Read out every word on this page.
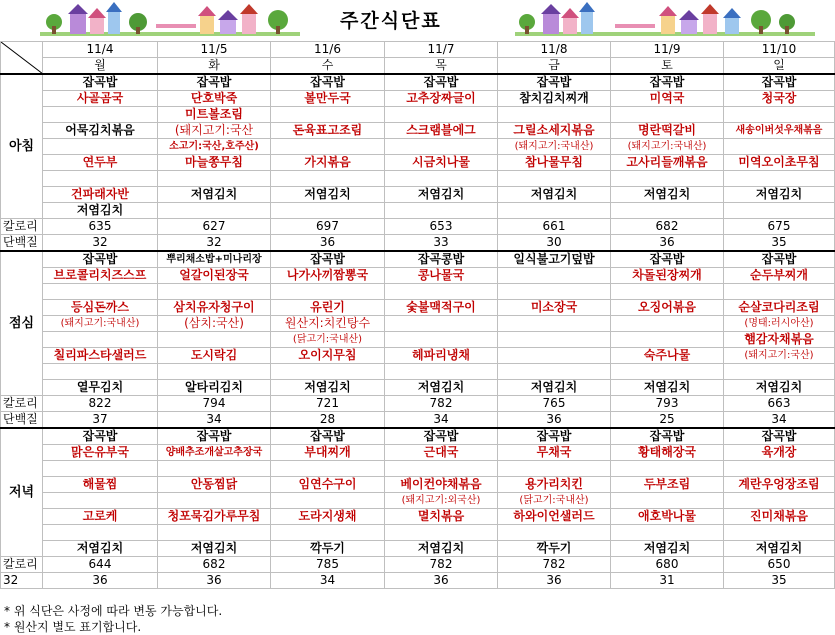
주간식단표
	11/4	11/5	11/6	11/7	11/8	11/9	11/10
	월	화	수	목	금	토	일
아침	잡곡밥	잡곡밥	잡곡밥	잡곡밥	잡곡밥	잡곡밥	잡곡밥
	사골곰국	단호박죽	볼만두국	고추장짜글이	참치김치찌개	미역국	청국장
		미트볼조림					
	어묵김치볶음	(돼지고기:국산	돈육표고조림	스크램블에그	그릴소세지볶음	명란떡갈비	새송이버섯우채볶음
		소고기:국산,호주산)			(돼지고기:국내산)	(돼지고기:국내산)	
	연두부	마늘쫑무침	가지볶음	시금치나물	참나물무침	고사리들깨볶음	미역오이초무침

	건파래자반	저염김치	저염김치	저염김치	저염김치	저염김치	저염김치
	저염김치						
칼로리	635	627	697	653	661	682	675
단백질	32	32	36	33	30	36	35
점심	잡곡밥	뿌리채소밥+미나리장	잡곡밥	잡곡콩밥	일식불고기덮밥	잡곡밥	잡곡밥
	브로콜리치즈스프	얼갈이된장국	나가사끼짬뽕국	콩나물국		차돌된장찌개	순두부찌개

	등심돈까스	삼치유자청구이	유린기	숯불맥적구이	미소장국	오징어볶음	순살코다리조림
	(돼지고기:국내산)	(삼치:국산)	원산지:치킨탕수				(명태:러시아산)
			(닭고기:국내산)				햄감자채볶음
	칠리파스타샐러드	도시락김	오이지무침	헤파리냉채		숙주나물	(돼지고기:국산)

	열무김치	알타리김치	저염김치	저염김치	저염김치	저염김치	저염김치
칼로리	822	794	721	782	765	793	663
단백질	37	34	28	34	36	25	34
저녁	잡곡밥	잡곡밥	잡곡밥	잡곡밥	잡곡밥	잡곡밥	잡곡밥
	맑은유부국	양배추조개살고추장국	부대찌개	근대국	무채국	황태해장국	육개장

	해물찜	안동찜닭	임연수구이	베이컨야채볶음	용가리치킨	두부조림	계란우엉장조림
				(돼지고기:외국산)	(닭고기:국내산)		
	고로케	청포묵김가루무침	도라지생채	멸치볶음	하와이언샐러드	애호박나물	진미채볶음

	저염김치	저염김치	깍두기	저염김치	깍두기	저염김치	저염김치
칼로리	644	682	785	782	782	680	650
32	36	36	34	36	36	31	35
* 위 식단은 사정에 따라 변동 가능합니다.
* 원산지 별도 표기합니다.
